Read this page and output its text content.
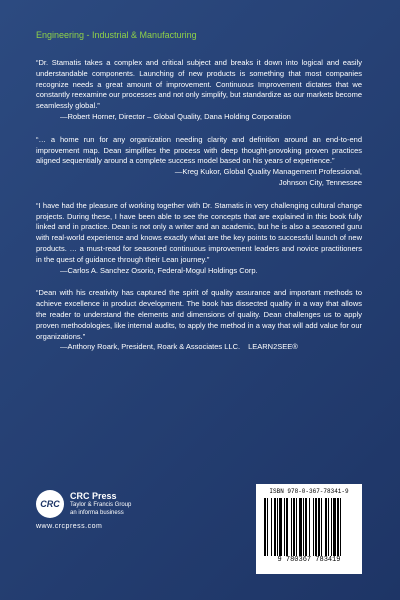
Engineering - Industrial & Manufacturing
“Dr. Stamatis takes a complex and critical subject and breaks it down into logical and easily understandable components. Launching of new products is something that most companies recognize needs a great amount of improvement. Continuous Improvement dictates that we constantly reexamine our processes and not only simplify, but standardize as our markets become seamlessly global.”
—Robert Horner, Director – Global Quality, Dana Holding Corporation
“… a home run for any organization needing clarity and definition around an end-to-end improvement map. Dean simplifies the process with deep thought-provoking proven practices aligned sequentially around a complete success model based on his years of experience.”
—Kreg Kukor, Global Quality Management Professional,
Johnson City, Tennessee
“I have had the pleasure of working together with Dr. Stamatis in very challenging cultural change projects. During these, I have been able to see the concepts that are explained in this book fully linked and in practice. Dean is not only a writer and an academic, but he is also a seasoned guru with real-world experience and knows exactly what are the key points to successful launch of new products. … a must-read for seasoned continuous improvement leaders and novice practitioners in the quest of guidance through their Lean journey.”
—Carlos A. Sanchez Osorio, Federal-Mogul Holdings Corp.
“Dean with his creativity has captured the spirit of quality assurance and important methods to achieve excellence in product development. The book has dissected quality in a way that allows the reader to understand the elements and dimensions of quality. Dean challenges us to apply proven methodologies, like internal audits, to apply the method in a way that will add value for our organizations.”
—Anthony Roark, President, Roark & Associates LLC. LEARN2SEE®
CRC
CRC Press
Taylor & Francis Group
an informa business
www.crcpress.com
ISBN 978-0-367-78341-9
9 780367 783419
